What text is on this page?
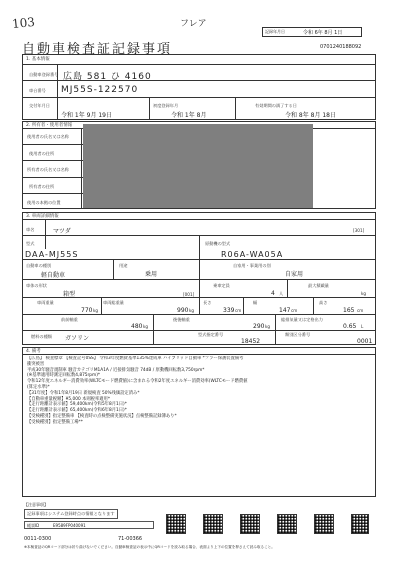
103	フレア
自動車検査証記録事項
記録年月日	令和 6年 8月 1日
0701240188092
1. 基本情報
自動車登録番号 広島 581 ひ 4160
車台番号 MJ55S-122570
交付年月日
令和 1年 9月 19日
初度登録年月
令和 1年 8月
有効期間の満了する日
令和 8年 8月 18日
2. 所有者・使用者情報
使用者の氏名又は名称
使用者の住所
所有者の氏名又は名称
所有者の住所
使用の本拠の位置
3. 車両詳細情報
車名	マツダ	[301]
型式
DAA-MJ55S
原動機の型式
R06A-WA05A
自動車の種別
軽自動車
用途
乗用
自家用・事業用の別
自家用
車体の形状
箱型	[001]
乗車定員
4 人
最大積載量
kg
車両重量
770 kg
車両総重量
990 kg
長さ
339 cm
幅
147 cm
高さ
165 cm
前前軸重
480 kg
後後軸重
290 kg
総排気量又は定格出力
0.65 L
燃料の種類 ガソリン
型式指定番号
18452
類別区分番号
0001
4. 備考
【広島】 検査標章 【検査記号0SS】 令和3年度燃費基準135%達成車 ハイブリッド自動車 *フラー保護装置備考
衝突被害
平成30年騒音規制車 騒音カテゴリM1A1A / 近接排気騒音 74dB / 原動機回転数3,750rpm*
(※基準適用時測定回転数4,875rpm)*
令和12年度エネルギー消費効率(WLTCモード燃費値)に含まれる令和2年度エネルギー消費効率(WLTCモード燃費値
(算定水準)*
【31年度】令和1年8月19日 新規検査 50%残価設定済み*
【自動車重量税額】¥5,000 本則税率適用*
【走行距離計表示値】59,400km(令和5年8月1日)*
【走行距離計表示値】65,400km(令和6年8月1日)*
【受検種別】指定整備車 【検査時の点検整備実施状況】点検整備記録簿あり*
【受検種別】指定整備工場**
【注意事項】
記録事項はシステム登録時点の情報となります
帳票ID	E9589FP040091
0011-0300	71-00366
※本検査証のQRコード部分は折り曲げないでください。自動車検査証の表示中にQRコードを読み取る場合、表面より上下の位置を押さえて読み取ること。
